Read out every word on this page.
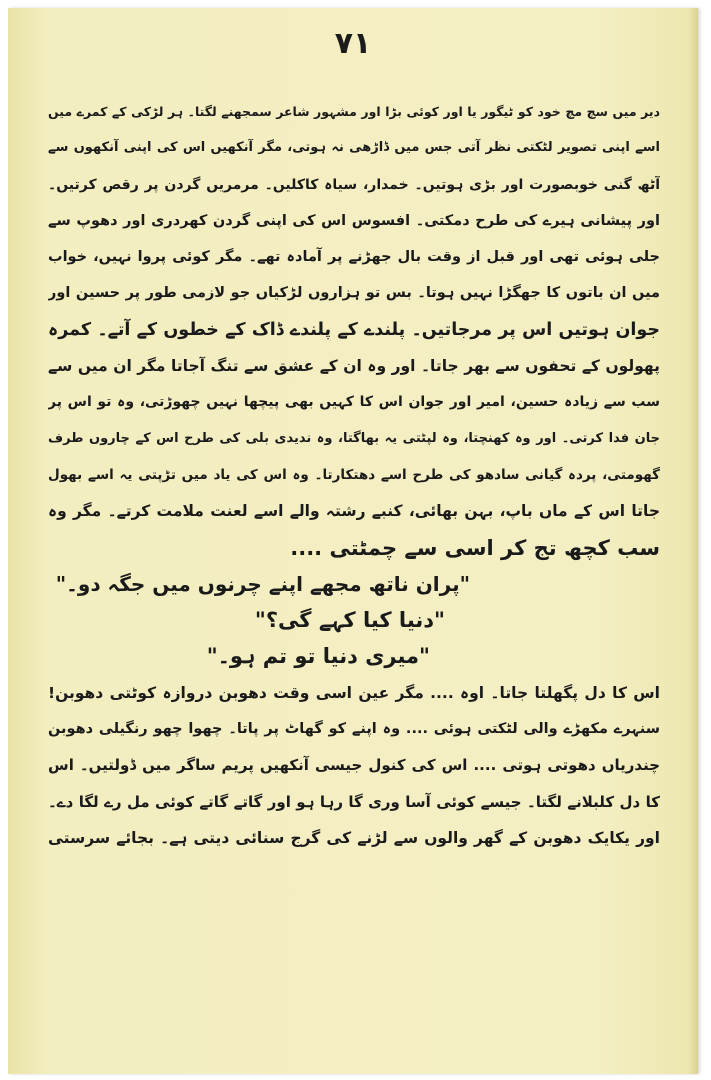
۷۱
دیر میں سچ مچ خود کو ٹیگور یا اور کوئی بڑا اور مشہور شاعر سمجھنے لگتا۔ ہر لڑکی کے کمرے میں
اسے اپنی تصویر لٹکتی نظر آتی جس میں ڈاڑھی نہ ہوتی، مگر آنکھیں اس کی اپنی آنکھوں سے
آٹھ گنی خوبصورت اور بڑی ہوتیں۔ خمدار، سیاہ کاکلیں۔ مرمریں گردن پر رقص کرتیں۔
اور پیشانی ہیرے کی طرح دمکتی۔ افسوس اس کی اپنی گردن کھردری اور دھوپ سے
جلی ہوئی تھی اور قبل از وقت بال جھڑنے پر آمادہ تھے۔ مگر کوئی پروا نہیں، خواب
میں ان باتوں کا جھگڑا نہیں ہوتا۔ بس تو ہزاروں لڑکیاں جو لازمی طور پر حسین اور
جوان ہوتیں اس پر مرجاتیں۔ پلندے کے پلندے ڈاک کے خطوں کے آتے۔ کمرہ
پھولوں کے تحفوں سے بھر جاتا۔ اور وہ ان کے عشق سے تنگ آجاتا مگر ان میں سے
سب سے زیادہ حسین، امیر اور جوان اس کا کہیں بھی پیچھا نہیں چھوڑتی، وہ تو اس پر
جان فدا کرتی۔ اور وہ کھنچتا، وہ لپٹتی یہ بھاگتا، وہ ندیدی بلی کی طرح اس کے چاروں طرف
گھومتی، پردہ گیانی سادھو کی طرح اسے دھتکارتا۔ وہ اس کی یاد میں تڑپتی یہ اسے بھول
جاتا اس کے ماں باپ، بہن بھائی، کنبے رشتہ والے اسے لعنت ملامت کرتے۔ مگر وہ
سب کچھ تج کر اسی سے چمٹتی ....
"پران ناتھ مجھے اپنے چرنوں میں جگہ دو۔"
"دنیا کیا کہے گی؟"
"میری دنیا تو تم ہو۔"
اس کا دل پگھلتا جاتا۔ اوہ .... مگر عین اسی وقت دھوبن دروازہ کوٹتی دھوبن!
سنہرے مکھڑے والی لٹکتی ہوئی .... وہ اپنے کو گھاٹ پر پاتا۔ چھوا چھو رنگیلی دھوبن
چندریاں دھوتی ہوتی .... اس کی کنول جیسی آنکھیں پریم ساگر میں ڈولتیں۔ اس
کا دل کلبلانے لگتا۔ جیسے کوئی آسا وری گا رہا ہو اور گاتے گاتے کوئی مل رے لگا دے۔
اور یکایک دھوبن کے گھر والوں سے لڑنے کی گرج سنائی دیتی ہے۔ بجائے سرستی
